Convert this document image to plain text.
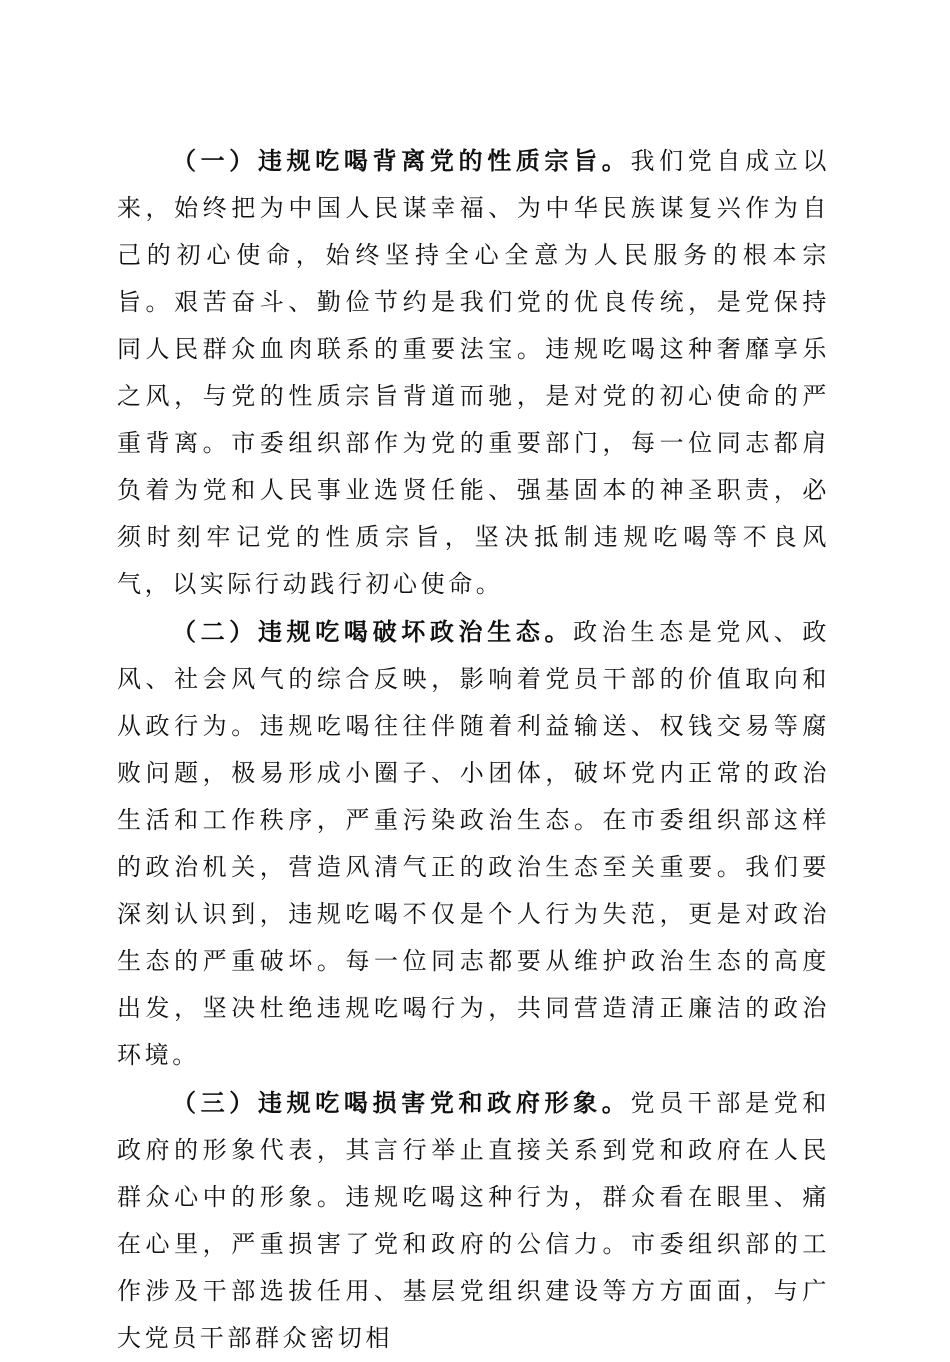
（一）违规吃喝背离党的性质宗旨。我们党自成立以来，始终把为中国人民谋幸福、为中华民族谋复兴作为自己的初心使命，始终坚持全心全意为人民服务的根本宗旨。艰苦奋斗、勤俭节约是我们党的优良传统，是党保持同人民群众血肉联系的重要法宝。违规吃喝这种奢靡享乐之风，与党的性质宗旨背道而驰，是对党的初心使命的严重背离。市委组织部作为党的重要部门，每一位同志都肩负着为党和人民事业选贤任能、强基固本的神圣职责，必须时刻牢记党的性质宗旨，坚决抵制违规吃喝等不良风气，以实际行动践行初心使命。

（二）违规吃喝破坏政治生态。政治生态是党风、政风、社会风气的综合反映，影响着党员干部的价值取向和从政行为。违规吃喝往往伴随着利益输送、权钱交易等腐败问题，极易形成小圈子、小团体，破坏党内正常的政治生活和工作秩序，严重污染政治生态。在市委组织部这样的政治机关，营造风清气正的政治生态至关重要。我们要深刻认识到，违规吃喝不仅是个人行为失范，更是对政治生态的严重破坏。每一位同志都要从维护政治生态的高度出发，坚决杜绝违规吃喝行为，共同营造清正廉洁的政治环境。

（三）违规吃喝损害党和政府形象。党员干部是党和政府的形象代表，其言行举止直接关系到党和政府在人民群众心中的形象。违规吃喝这种行为，群众看在眼里、痛在心里，严重损害了党和政府的公信力。市委组织部的工作涉及干部选拔任用、基层党组织建设等方方面面，与广大党员干部群众密切相
